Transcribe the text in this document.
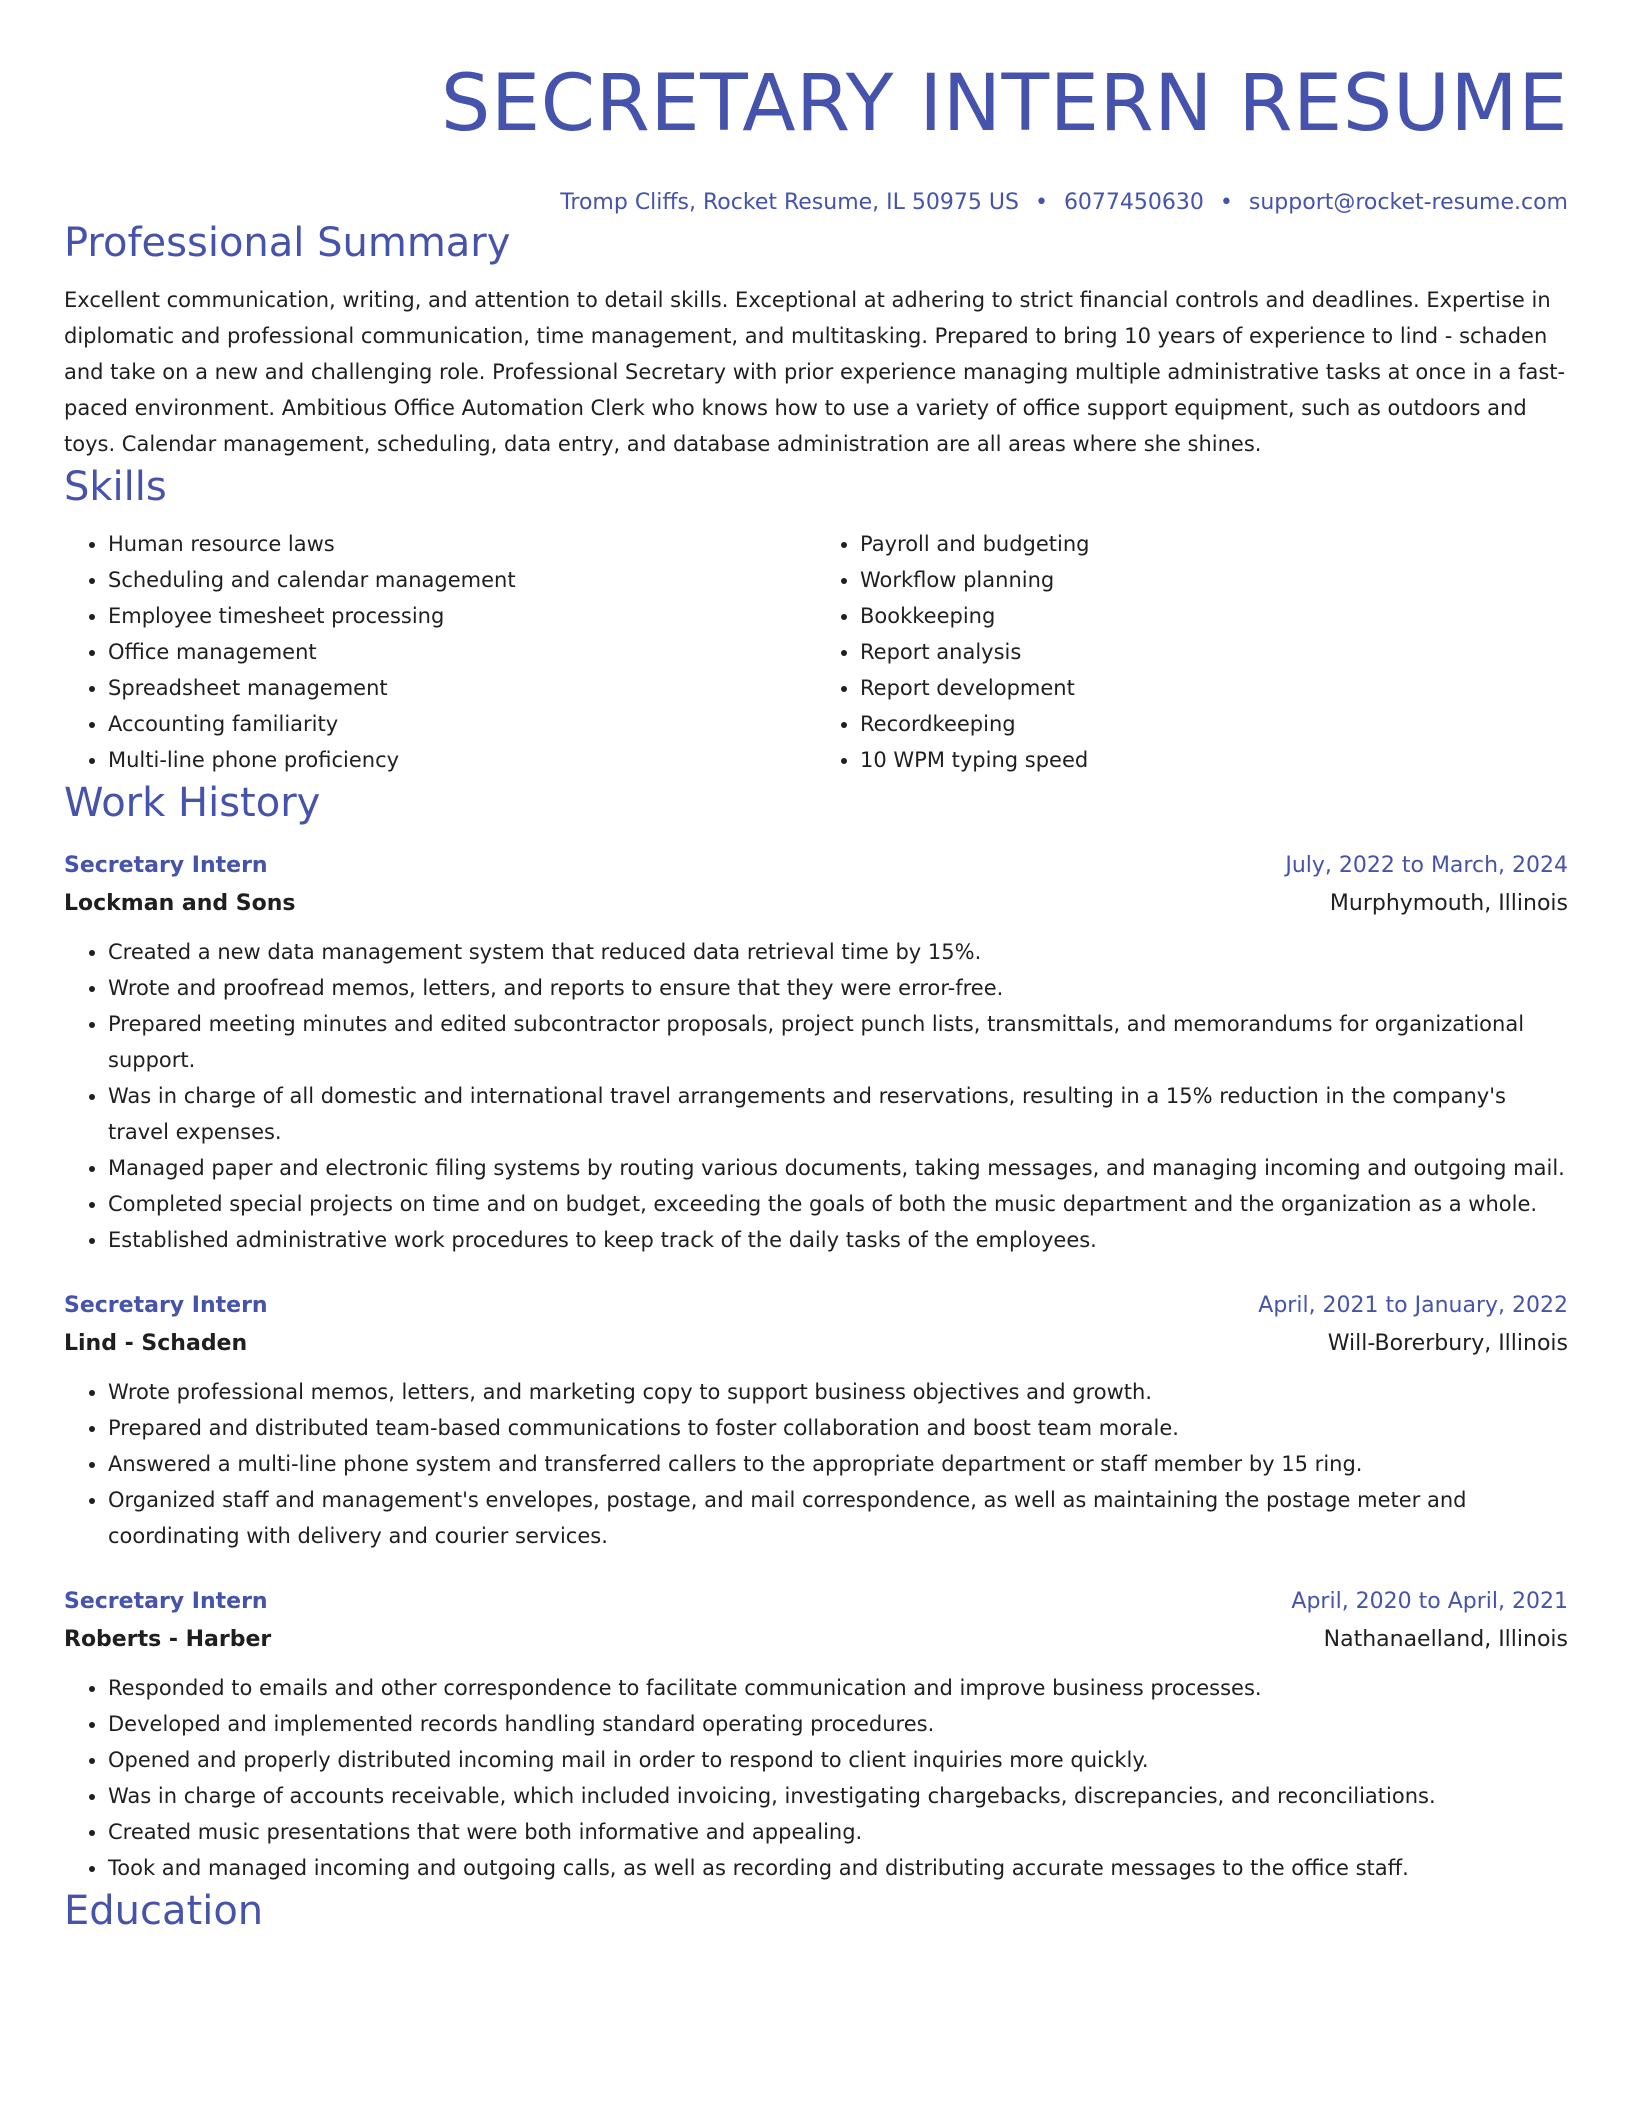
SECRETARY INTERN RESUME
Tromp Cliffs, Rocket Resume, IL 50975 US • 6077450630 • support@rocket-resume.com
Professional Summary

Excellent communication, writing, and attention to detail skills. Exceptional at adhering to strict financial controls and deadlines. Expertise in diplomatic and professional communication, time management, and multitasking. Prepared to bring 10 years of experience to lind - schaden and take on a new and challenging role. Professional Secretary with prior experience managing multiple administrative tasks at once in a fast-paced environment. Ambitious Office Automation Clerk who knows how to use a variety of office support equipment, such as outdoors and toys. Calendar management, scheduling, data entry, and database administration are all areas where she shines.

Skills
• Human resource laws
• Scheduling and calendar management
• Employee timesheet processing
• Office management
• Spreadsheet management
• Accounting familiarity
• Multi-line phone proficiency
• Payroll and budgeting
• Workflow planning
• Bookkeeping
• Report analysis
• Report development
• Recordkeeping
• 10 WPM typing speed
Work History
Secretary Intern	July, 2022 to March, 2024
Lockman and Sons	Murphymouth, Illinois
• Created a new data management system that reduced data retrieval time by 15%.
• Wrote and proofread memos, letters, and reports to ensure that they were error-free.
• Prepared meeting minutes and edited subcontractor proposals, project punch lists, transmittals, and memorandums for organizational support.
• Was in charge of all domestic and international travel arrangements and reservations, resulting in a 15% reduction in the company's travel expenses.
• Managed paper and electronic filing systems by routing various documents, taking messages, and managing incoming and outgoing mail.
• Completed special projects on time and on budget, exceeding the goals of both the music department and the organization as a whole.
• Established administrative work procedures to keep track of the daily tasks of the employees.
Secretary Intern	April, 2021 to January, 2022
Lind - Schaden	Will-Borerbury, Illinois
• Wrote professional memos, letters, and marketing copy to support business objectives and growth.
• Prepared and distributed team-based communications to foster collaboration and boost team morale.
• Answered a multi-line phone system and transferred callers to the appropriate department or staff member by 15 ring.
• Organized staff and management's envelopes, postage, and mail correspondence, as well as maintaining the postage meter and coordinating with delivery and courier services.
Secretary Intern	April, 2020 to April, 2021
Roberts - Harber	Nathanaelland, Illinois
• Responded to emails and other correspondence to facilitate communication and improve business processes.
• Developed and implemented records handling standard operating procedures.
• Opened and properly distributed incoming mail in order to respond to client inquiries more quickly.
• Was in charge of accounts receivable, which included invoicing, investigating chargebacks, discrepancies, and reconciliations.
• Created music presentations that were both informative and appealing.
• Took and managed incoming and outgoing calls, as well as recording and distributing accurate messages to the office staff.
Education
